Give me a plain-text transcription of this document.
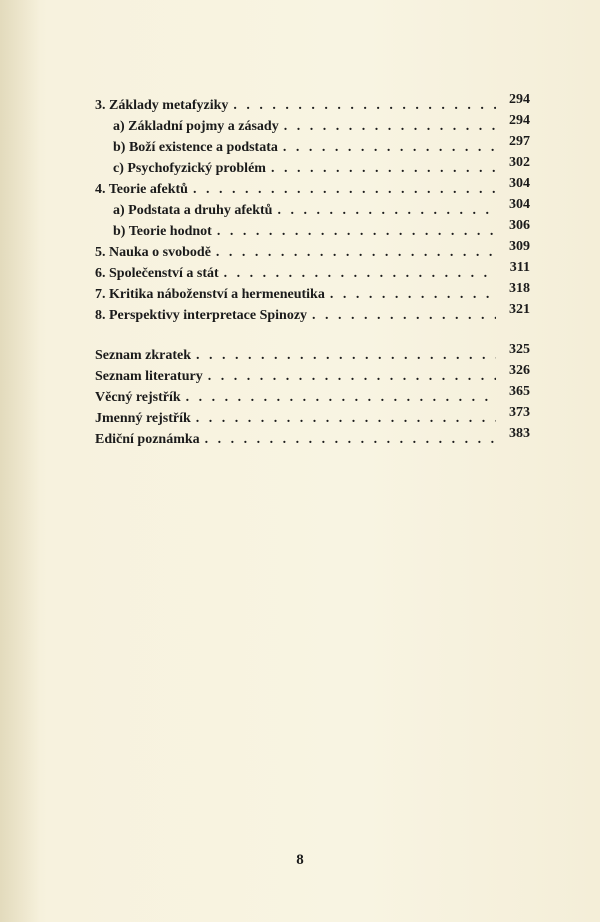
3. Základy metafyziky . . .	294
a) Základní pojmy a zásady . . .	294
b) Boží existence a podstata . . .	297
c) Psychofyzický problém . . .	302
4. Teorie afektů . . .	304
a) Podstata a druhy afektů . . .	304
b) Teorie hodnot . . .	306
5. Nauka o svobodě . . .	309
6. Společenství a stát . . .	311
7. Kritika náboženství a hermeneutika . . .	318
8. Perspektivy interpretace Spinozy . . .	321
Seznam zkratek . . .	325
Seznam literatury . . .	326
Věcný rejstřík . . .	365
Jmenný rejstřík . . .	373
Ediční poznámka . . .	383
8
